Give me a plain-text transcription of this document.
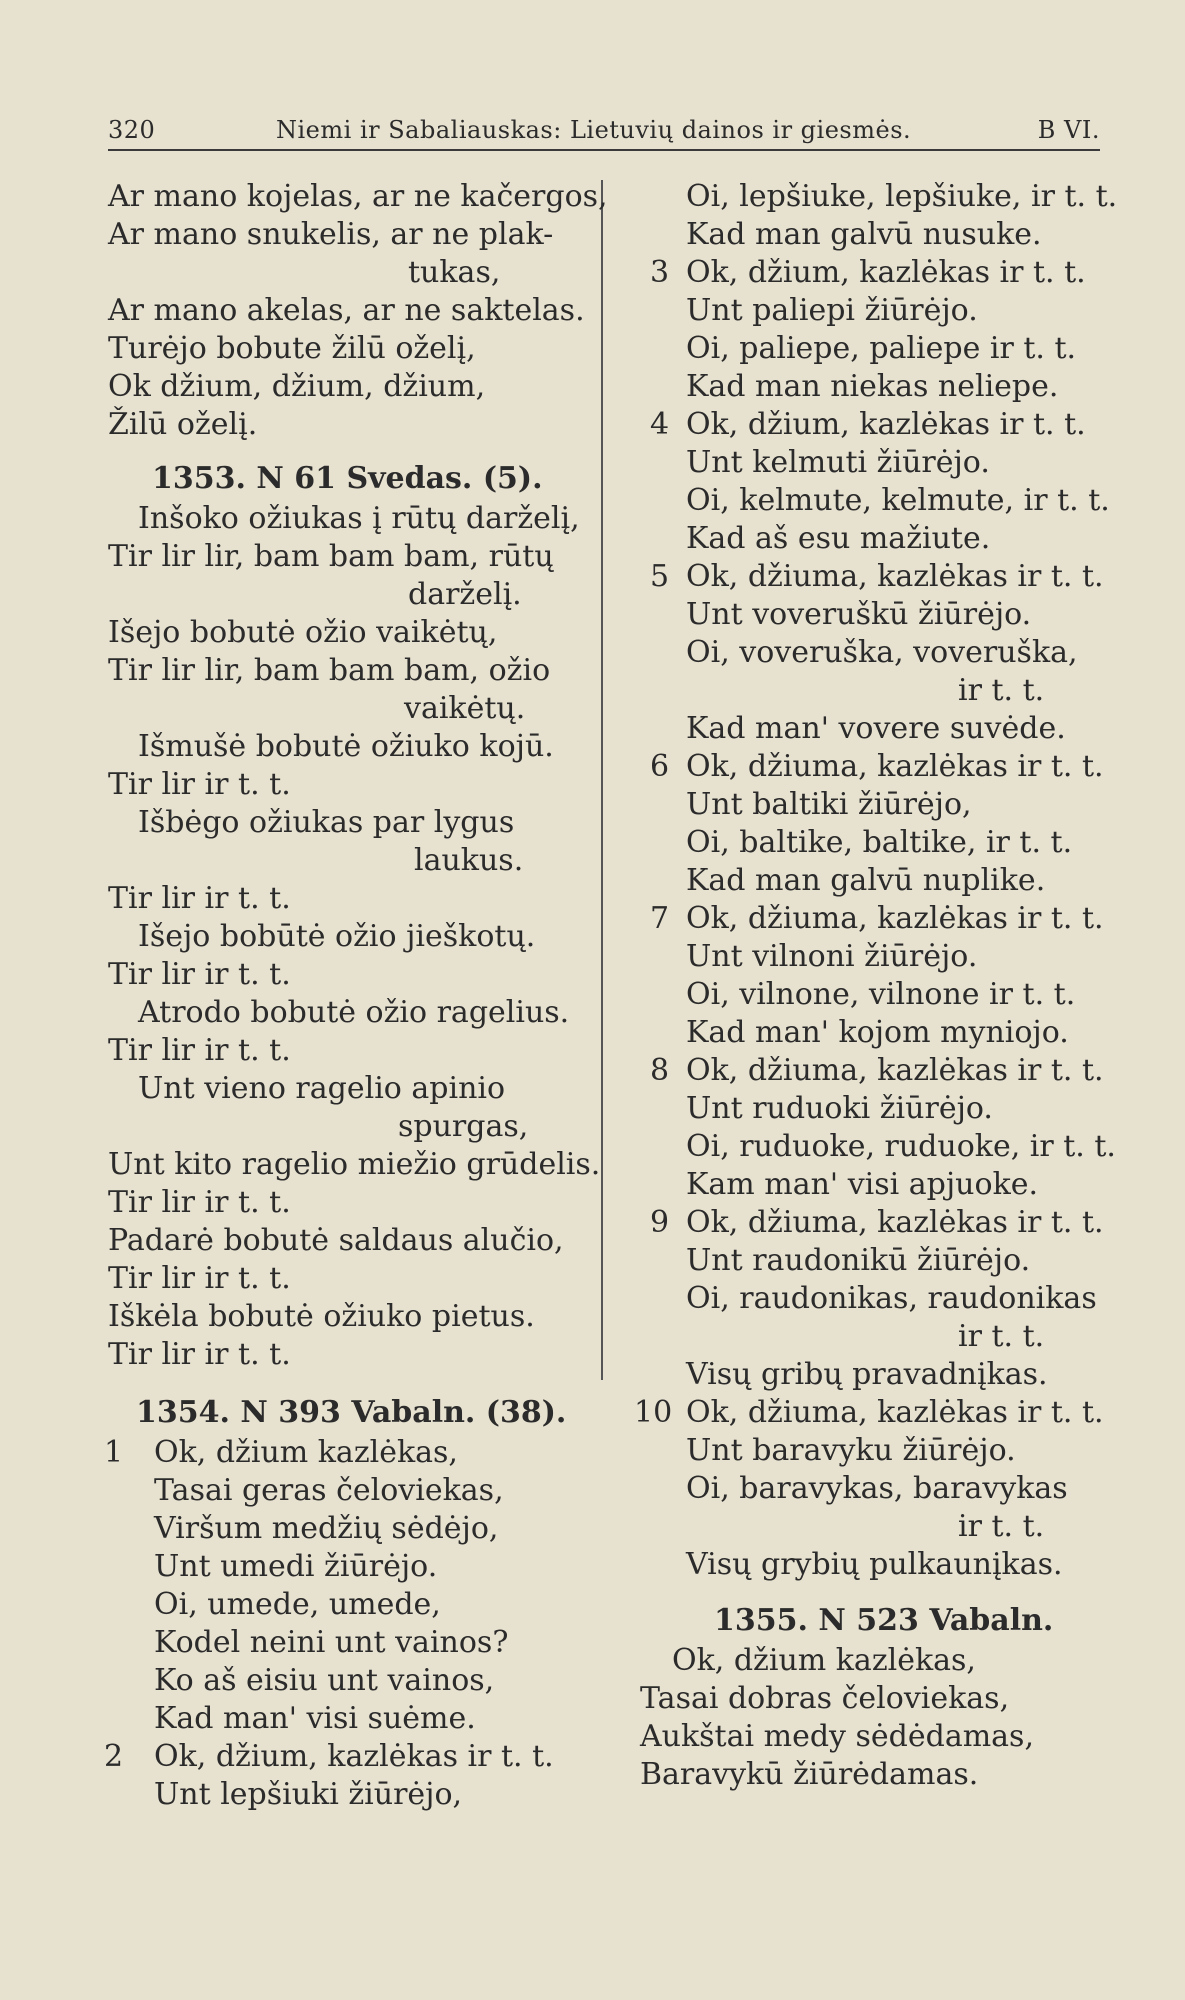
320	Niemi ir Sabaliauskas: Lietuvių dainos ir giesmės.	B VI.
Ar mano kojelas, ar ne kačergos,
Ar mano snukelis, ar ne plak-
tukas,
Ar mano akelas, ar ne saktelas.
Turėjo bobute žilū oželį,
Ok džium, džium, džium,
Žilū oželį.
1353. N 61 Svedas. (5).
Inšoko ožiukas į rūtų darželį,
Tir lir lir, bam bam bam, rūtų
darželį.
Išejo bobutė ožio vaikėtų,
Tir lir lir, bam bam bam, ožio
vaikėtų.
Išmušė bobutė ožiuko kojū.
Tir lir ir t. t.
Išbėgo ožiukas par lygus
laukus.
Tir lir ir t. t.
Išejo bobūtė ožio jieškotų.
Tir lir ir t. t.
Atrodo bobutė ožio ragelius.
Tir lir ir t. t.
Unt vieno ragelio apinio
spurgas,
Unt kito ragelio miežio grūdelis.
Tir lir ir t. t.
Padarė bobutė saldaus alučio,
Tir lir ir t. t.
Iškėla bobutė ožiuko pietus.
Tir lir ir t. t.
1354. N 393 Vabaln. (38).
1 Ok, džium kazlėkas,
Tasai geras čeloviekas,
Viršum medžių sėdėjo,
Unt umedi žiūrėjo.
Oi, umede, umede,
Kodel neini unt vainos?
Ko aš eisiu unt vainos,
Kad man' visi suėme.
2 Ok, džium, kazlėkas ir t. t.
Unt lepšiuki žiūrėjo,
Oi, lepšiuke, lepšiuke, ir t. t.
Kad man galvū nusuke.
3 Ok, džium, kazlėkas ir t. t.
Unt paliepi žiūrėjo.
Oi, paliepe, paliepe ir t. t.
Kad man niekas neliepe.
4 Ok, džium, kazlėkas ir t. t.
Unt kelmuti žiūrėjo.
Oi, kelmute, kelmute, ir t. t.
Kad aš esu mažiute.
5 Ok, džiuma, kazlėkas ir t. t.
Unt voveruškū žiūrėjo.
Oi, voveruška, voveruška,
ir t. t.
Kad man' vovere suvėde.
6 Ok, džiuma, kazlėkas ir t. t.
Unt baltiki žiūrėjo,
Oi, baltike, baltike, ir t. t.
Kad man galvū nuplike.
7 Ok, džiuma, kazlėkas ir t. t.
Unt vilnoni žiūrėjo.
Oi, vilnone, vilnone ir t. t.
Kad man' kojom myniojo.
8 Ok, džiuma, kazlėkas ir t. t.
Unt ruduoki žiūrėjo.
Oi, ruduoke, ruduoke, ir t. t.
Kam man' visi apjuoke.
9 Ok, džiuma, kazlėkas ir t. t.
Unt raudonikū žiūrėjo.
Oi, raudonikas, raudonikas
ir t. t.
Visų gribų pravadnįkas.
10 Ok, džiuma, kazlėkas ir t. t.
Unt baravyku žiūrėjo.
Oi, baravykas, baravykas
ir t. t.
Visų grybių pulkaunįkas.
1355. N 523 Vabaln.
Ok, džium kazlėkas,
Tasai dobras čeloviekas,
Aukštai medy sėdėdamas,
Baravykū žiūrėdamas.
